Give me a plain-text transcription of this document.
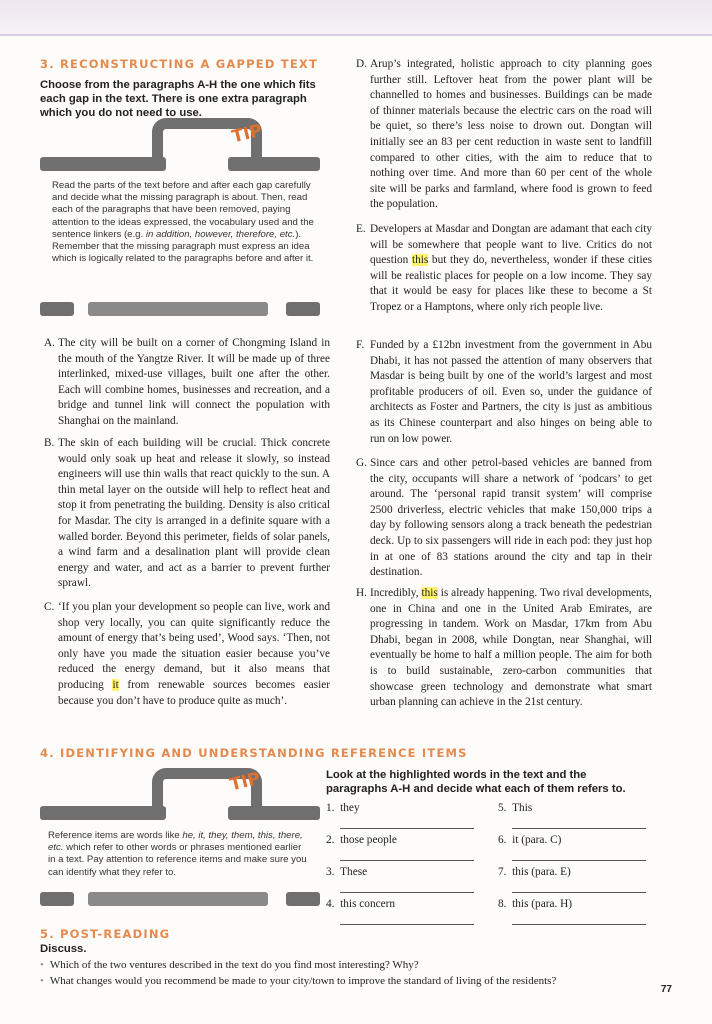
3. RECONSTRUCTING A GAPPED TEXT
Choose from the paragraphs A-H the one which fits each gap in the text. There is one extra paragraph which you do not need to use.
TIP
Read the parts of the text before and after each gap carefully and decide what the missing paragraph is about. Then, read each of the paragraphs that have been removed, paying attention to the ideas expressed, the vocabulary used and the sentence linkers (e.g. in addition, however, therefore, etc.). Remember that the missing paragraph must express an idea which is logically related to the paragraphs before and after it.
A. The city will be built on a corner of Chongming Island in the mouth of the Yangtze River. It will be made up of three interlinked, mixed-use villages, built one after the other. Each will combine homes, businesses and recreation, and a bridge and tunnel link will connect the population with Shanghai on the mainland.
B. The skin of each building will be crucial. Thick concrete would only soak up heat and release it slowly, so instead engineers will use thin walls that react quickly to the sun. A thin metal layer on the outside will help to reflect heat and stop it from penetrating the building. Density is also critical for Masdar. The city is arranged in a definite square with a walled border. Beyond this perimeter, fields of solar panels, a wind farm and a desalination plant will provide clean energy and water, and act as a barrier to prevent further sprawl.
C. ‘If you plan your development so people can live, work and shop very locally, you can quite significantly reduce the amount of energy that’s being used’, Wood says. ‘Then, not only have you made the situation easier because you’ve reduced the energy demand, but it also means that producing it from renewable sources becomes easier because you don’t have to produce quite as much’.
D. Arup’s integrated, holistic approach to city planning goes further still. Leftover heat from the power plant will be channelled to homes and businesses. Buildings can be made of thinner materials because the electric cars on the road will be quiet, so there’s less noise to drown out. Dongtan will initially see an 83 per cent reduction in waste sent to landfill compared to other cities, with the aim to reduce that to nothing over time. And more than 60 per cent of the whole site will be parks and farmland, where food is grown to feed the population.
E. Developers at Masdar and Dongtan are adamant that each city will be somewhere that people want to live. Critics do not question this but they do, nevertheless, wonder if these cities will be realistic places for people on a low income. They say that it would be easy for places like these to become a St Tropez or a Hamptons, where only rich people live.
F. Funded by a £12bn investment from the government in Abu Dhabi, it has not passed the attention of many observers that Masdar is being built by one of the world’s largest and most profitable producers of oil. Even so, under the guidance of architects as Foster and Partners, the city is just as ambitious as its Chinese counterpart and also hinges on being able to run on low power.
G. Since cars and other petrol-based vehicles are banned from the city, occupants will share a network of ‘podcars’ to get around. The ‘personal rapid transit system’ will comprise 2500 driverless, electric vehicles that make 150,000 trips a day by following sensors along a track beneath the pedestrian deck. Up to six passengers will ride in each pod: they just hop in at one of 83 stations around the city and tap in their destination.
H. Incredibly, this is already happening. Two rival developments, one in China and one in the United Arab Emirates, are progressing in tandem. Work on Masdar, 17km from Abu Dhabi, began in 2008, while Dongtan, near Shanghai, will eventually be home to half a million people. The aim for both is to build sustainable, zero-carbon communities that showcase green technology and demonstrate what smart urban planning can achieve in the 21st century.
4. IDENTIFYING AND UNDERSTANDING REFERENCE ITEMS
Look at the highlighted words in the text and the paragraphs A-H and decide what each of them refers to.
TIP
Reference items are words like he, it, they, them, this, there, etc. which refer to other words or phrases mentioned earlier in a text. Pay attention to reference items and make sure you can identify what they refer to.
1. they
2. those people
3. These
4. this concern
5. This
6. it (para. C)
7. this (para. E)
8. this (para. H)
5. POST-READING
Discuss.
• Which of the two ventures described in the text do you find most interesting? Why?
• What changes would you recommend be made to your city/town to improve the standard of living of the residents?
77
